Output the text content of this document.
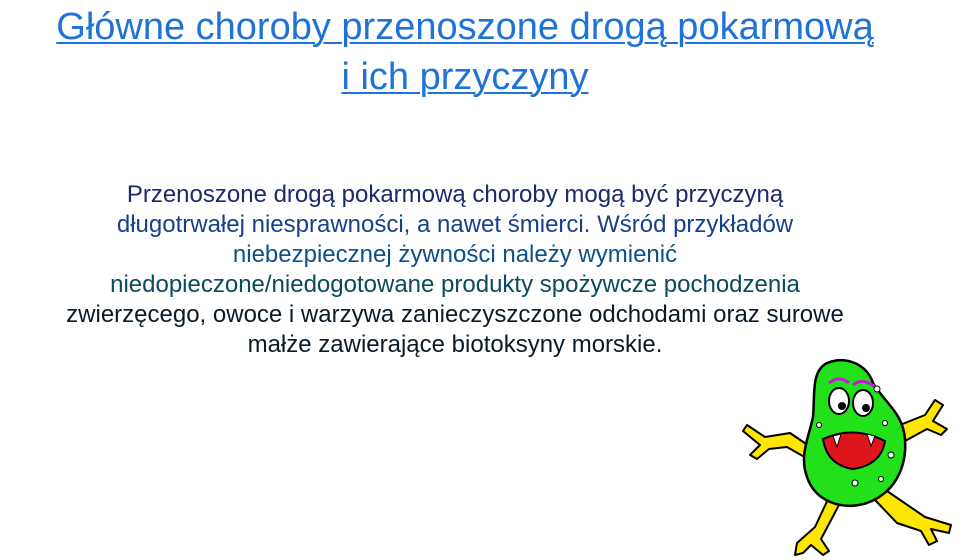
Główne choroby przenoszone drogą pokarmową
i ich przyczyny
Przenoszone drogą pokarmową choroby mogą być przyczyną
długotrwałej niesprawności, a nawet śmierci. Wśród przykładów
niebezpiecznej żywności należy wymienić
niedopieczone/niedogotowane produkty spożywcze pochodzenia
zwierzęcego, owoce i warzywa zanieczyszczone odchodami oraz surowe
małże zawierające biotoksyny morskie.
